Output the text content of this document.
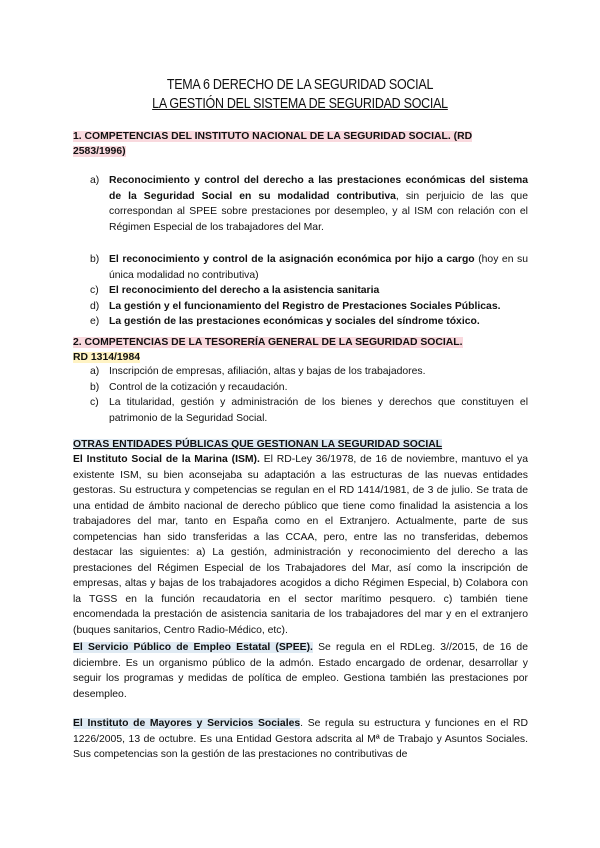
TEMA 6 DERECHO DE LA SEGURIDAD SOCIAL
LA GESTIÓN DEL SISTEMA DE SEGURIDAD SOCIAL
1. COMPETENCIAS DEL INSTITUTO NACIONAL DE LA SEGURIDAD SOCIAL. (RD
2583/1996)
a) Reconocimiento y control del derecho a las prestaciones económicas del sistema de la Seguridad Social en su modalidad contributiva, sin perjuicio de las que correspondan al SPEE sobre prestaciones por desempleo, y al ISM con relación con el Régimen Especial de los trabajadores del Mar.
b) El reconocimiento y control de la asignación económica por hijo a cargo (hoy en su única modalidad no contributiva)
c) El reconocimiento del derecho a la asistencia sanitaria
d) La gestión y el funcionamiento del Registro de Prestaciones Sociales Públicas.
e) La gestión de las prestaciones económicas y sociales del síndrome tóxico.
2. COMPETENCIAS DE LA TESORERÍA GENERAL DE LA SEGURIDAD SOCIAL.
RD 1314/1984
a) Inscripción de empresas, afiliación, altas y bajas de los trabajadores.
b) Control de la cotización y recaudación.
c) La titularidad, gestión y administración de los bienes y derechos que constituyen el patrimonio de la Seguridad Social.
OTRAS ENTIDADES PÚBLICAS QUE GESTIONAN LA SEGURIDAD SOCIAL

El Instituto Social de la Marina (ISM). El RD-Ley 36/1978, de 16 de noviembre, mantuvo el ya existente ISM, su bien aconsejaba su adaptación a las estructuras de las nuevas entidades gestoras. Su estructura y competencias se regulan en el RD 1414/1981, de 3 de julio. Se trata de una entidad de ámbito nacional de derecho público que tiene como finalidad la asistencia a los trabajadores del mar, tanto en España como en el Extranjero. Actualmente, parte de sus competencias han sido transferidas a las CCAA, pero, entre las no transferidas, debemos destacar las siguientes: a) La gestión, administración y reconocimiento del derecho a las prestaciones del Régimen Especial de los Trabajadores del Mar, así como la inscripción de empresas, altas y bajas de los trabajadores acogidos a dicho Régimen Especial, b) Colabora con la TGSS en la función recaudatoria en el sector marítimo pesquero. c) también tiene encomendada la prestación de asistencia sanitaria de los trabajadores del mar y en el extranjero (buques sanitarios, Centro Radio-Médico, etc).

El Servicio Público de Empleo Estatal (SPEE). Se regula en el RDLeg. 3//2015, de 16 de diciembre. Es un organismo público de la admón. Estado encargado de ordenar, desarrollar y seguir los programas y medidas de política de empleo. Gestiona también las prestaciones por desempleo.

El Instituto de Mayores y Servicios Sociales. Se regula su estructura y funciones en el RD 1226/2005, 13 de octubre. Es una Entidad Gestora adscrita al Mª de Trabajo y Asuntos Sociales. Sus competencias son la gestión de las prestaciones no contributivas de
